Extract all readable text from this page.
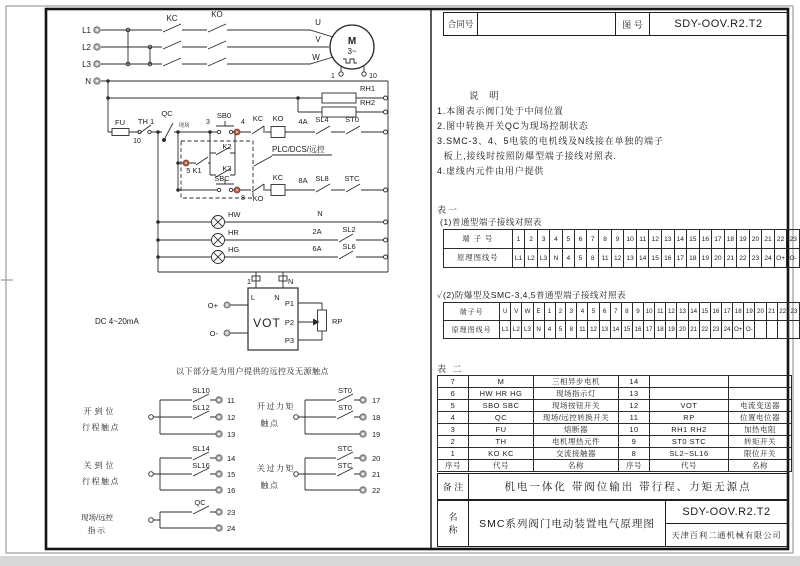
L1
L2
L3
N
KC	KO
U
V
W
M
3~
1	10
RH1
RH2
FU TH 1
10
QC
现场 3
SB0
4 KC KO 4A SL4 ST0
5 K1
K2
K3
PLC/DCS/远控
SBC
8 KO
KC 8A SL8 STC
HW
HR
HG
N
2A	SL2
6A	SL6
1	N
L	N
VOT
P1
P2
P3
RP
O+
O-
DC 4~20mA
以下部分是为用户提供的远控及无源触点
开到位
行程触点
SL10
SL12
11
12
13
关到位
行程触点
SL14
SL16
14
15
16
现场/远控
指示
QC
23
24
开过力矩
触点
ST0
ST0
17
18
19
关过力矩
触点
STC
STC
20
21
22
合同号	图 号	SDY-OOV.R2.T2
说 明
1.本图表示阀门处于中间位置
2.图中转换开关QC为现场控制状态
3.SMC-3、4、5电装的电机线及N线接在单独的端子
板上,接线时按照防爆型端子接线对照表.
4.虚线内元件由用户提供
表一
(1)普通型端子接线对照表
端 子 号	1	2	3	4	5	6	7	8	9	10	11	12	13	14	15	16	17	18	19	20	21	22	23
原理图线号	L1	L2	L3	N	4	5	8	11	12	13	14	15	16	17	18	19	20	21	22	23	24	O+	O-
✓(2)防爆型及SMC-3,4,5普通型端子接线对照表
端子号	U	V	W	E	1	2	3	4	5	6	7	8	9	10	11	12	13	14	15	16	17	18	19	20	21	22	23
原理图线号	L1	L2	L3	N	4	5	8	11	12	13	14	15	16	17	18	19	20	21	22	23	24	O+	O-				
表 二
7	M	三相异步电机	14		
6	HW HR HG	现场指示灯	13		
5	SBO SBC	现场按钮开关	12	VOT	电流变送器
4	QC	现场/远控转换开关	11	RP	位置电位器
3	FU	熔断器	10	RH1 RH2	加热电阻
2	TH	电机埋热元件	9	ST0 STC	转矩开关
1	KO KC	交流接触器	8	SL2~SL16	限位开关
序号	代号	名称	序号	代号	名称
备 注	机电一体化 带阀位输出 带行程、力矩无源点
名称	SMC系列阀门电动装置电气原理图
SDY-OOV.R2.T2
天津百利二通机械有限公司
